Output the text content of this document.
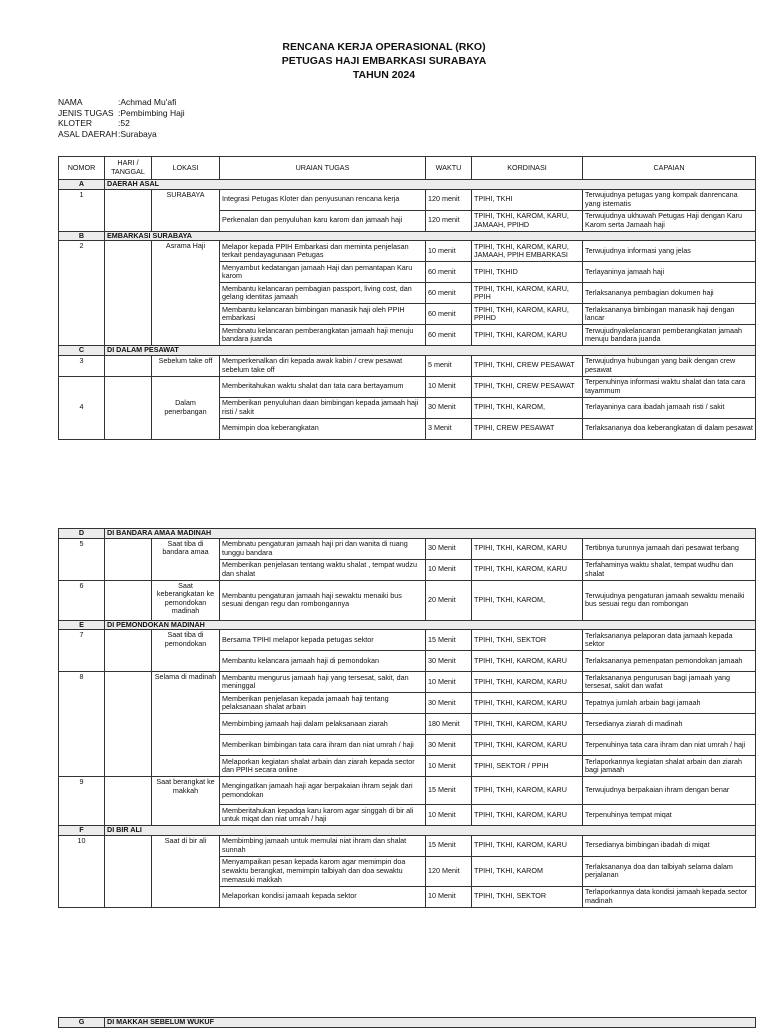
RENCANA KERJA OPERASIONAL (RKO)
PETUGAS HAJI EMBARKASI SURABAYA
TAHUN 2024
NAMA	:Achmad Mu'afi
JENIS TUGAS :Pembimbing Haji
KLOTER	:52
ASAL DAERAH :Surabaya
NOMOR	HARI / TANGGAL	LOKASI	URAIAN TUGAS	WAKTU	KORDINASI	CAPAIAN
A	DAERAH ASAL					
1		SURABAYA	Integrasi Petugas Kloter dan penyusunan rencana kerja	120 menit	TPIHI, TKHI	Terwujudnya petugas yang kompak danrencana yang istematis
			Perkenalan dan penyuluhan karu karom dan jamaah haji	120 menit	TPIHI, TKHI, KAROM, KARU, JAMAAH, PPIHD	Terwujudnya ukhuwah Petugas Haji dengan Karu Karom serta Jamaah haji
B	EMBARKASI SURABAYA					
2		Asrama Haji	Melapor kepada PPIH Embarkasi dan meminta penjelasan terkait pendayagunaan Petugas	10 menit	TPIHI, TKHI, KAROM, KARU, JAMAAH, PPIH EMBARKASI	Terwujudnya informasi yang jelas
			Menyambut kedatangan jamaah Haji dan pemantapan Karu karom	60 menit	TPIHI, TKHID	Terlayaninya jamaah haji
			Membantu kelancaran pembagian passport, living cost, dan gelang identitas jamaah	60 menit	TPIHI, TKHI, KAROM, KARU, PPIH	Terlaksananya pembagian dokumen haji
			Membantu kelancaran bimbingan manasik haji oleh PPIH embarkasi	60 menit	TPIHI, TKHI, KAROM, KARU, PPIHD	Terlaksananya bimbingan manasik haji dengan lancar
			Membnatu kelancaran pemberangkatan jamaah haji menuju bandara juanda	60 menit	TPIHI, TKHI, KAROM, KARU	Terwujudnyakelancaran pemberangkatan jamaah menuju bandara juanda
C	DI DALAM PESAWAT					
3		Sebelum take off	Memperkenalkan diri kepada awak kabin / crew pesawat sebelum take off	5 menit	TPIHI, TKHI, CREW PESAWAT	Terwujudnya hubungan yang baik dengan crew pesawat
4		Dalam penerbangan	Memberitahukan waktu shalat dan tata cara bertayamum	10 Menit	TPIHI, TKHI, CREW PESAWAT	Terpenuhinya informasi waktu shalat dan tata cara tayammum
			Memberikan penyuluhan daan bimbingan kepada jamaah haji risti / sakit	30 Menit	TPIHI, TKHI, KAROM,	Terlayaninya cara ibadah jamaah risti / sakit
			Memimpin doa keberangkatan	3 Menit	TPIHI, CREW PESAWAT	Terlaksananya doa keberangkatan di dalam pesawat
D	DI BANDARA AMAA MADINAH					
5		Saat tiba di bandara amaa	Membnatu pengaturan jamaah haji pri dan wanita di ruang tunggu bandara	30 Menit	TPIHI, TKHI, KAROM, KARU	Tertibnya turunnya jamaah dari pesawat terbang
			Memberikan penjelasan tentang waktu shalat , tempat wudzu dan shalat	10 Menit	TPIHI, TKHI, KAROM, KARU	Terfahaminya waktu shalat, tempat wudhu dan shalat
6		Saat keberangkatan ke pemondokan madinah	Membantu pengaturan jamaah haji sewaktu menaiki bus sesuai dengan regu dan rombongannya	20 Menit	TPIHI, TKHI, KAROM,	Terwujudnya pengaturan jamaah sewaktu menaiki bus sesuai regu dan rombongan
E	DI PEMONDOKAN MADINAH					
7		Saat tiba di pemondokan	Bersama TPIHI melapor kepada petugas sektor	15 Menit	TPIHI, TKHI, SEKTOR	Terlaksananya pelaporan data jamaah kepada sektor
			Membantu kelancara jamaah haji di pemondokan	30 Menit	TPIHI, TKHI, KAROM, KARU	Terlaksananya pemenpatan pemondokan jamaah
8		Selama di madinah	Membantu mengurus jamaah haji yang tersesat, sakit, dan meninggal	10 Menit	TPIHI, TKHI, KAROM, KARU	Terlaksananya pengurusan bagi jamaah yang tersesat, sakit dan wafat
			Memberikan penjelasan kepada jamaah haji tentang pelaksanaan shalat arbain	30 Menit	TPIHI, TKHI, KAROM, KARU	Tepatnya jumlah arbain bagi jamaah
			Membimbing jamaah haji dalam pelaksanaan ziarah	180 Menit	TPIHI, TKHI, KAROM, KARU	Tersedianya ziarah di madinah
			Memberikan bimbingan tata cara ihram dan niat umrah / haji	30 Menit	TPIHI, TKHI, KAROM, KARU	Terpenuhinya tata cara ihram dan niat umrah / haji
			Melaporkan kegiatan shalat arbain dan ziarah kepada sector dan PPIH secara online	10 Menit	TPIHI, SEKTOR / PPIH	Terlaporkannya kegiatan shalat arbain dan ziarah bagi jamaah
9		Saat berangkat ke makkah	Mengingatkan jamaah haji agar berpakaian ihram sejak dari pemondokan	15 Menit	TPIHI, TKHI, KAROM, KARU	Terwujudnya berpakaian ihram dengan benar
			Memberitahukan kepadqa karu karom agar singgah di bir ali untuk miqat dan niat umrah / haji	10 Menit	TPIHI, TKHI, KAROM, KARU	Terpenuhinya tempat miqat
F	DI BIR ALI					
10		Saat di bir ali	Membimbing jamaah untuk memulai niat ihram dan shalat sunnah	15 Menit	TPIHI, TKHI, KAROM, KARU	Tersedianya bimbingan ibadah di miqat
			Menyampaikan pesan kepada karom agar memimpin doa sewaktu berangkat, memimpin talbiyah dan doa sewaktu memasuki makkah	120 Menit	TPIHI, TKHI, KAROM	Terlaksananya doa dan talbiyah selama dalam perjalanan
			Melaporkan kondisi jamaah kepada sektor	10 Menit	TPIHI, TKHI, SEKTOR	Terlaporkannya data kondisi jamaah kepada sector madinah
G	DI MAKKAH SEBELUM WUKUF
